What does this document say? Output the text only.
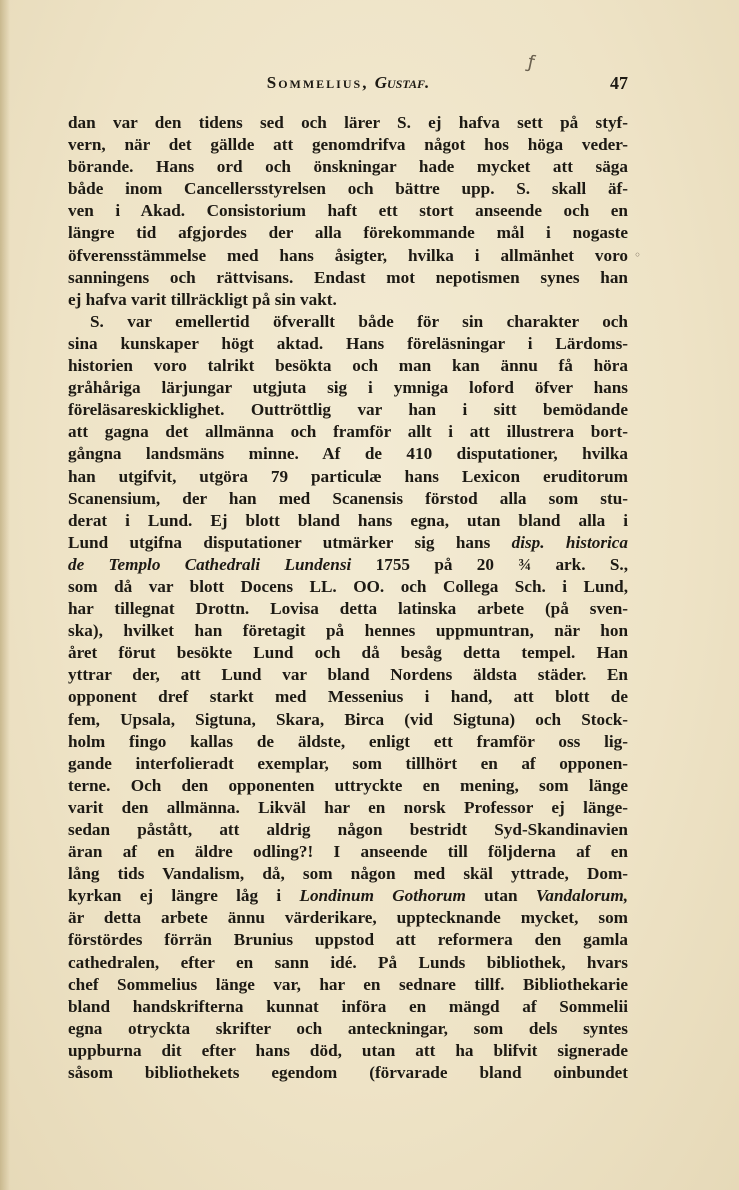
Sommelius, Gustaf.	47
dan var den tidens sed och lärer S. ej hafva sett på styf-
vern, när det gällde att genomdrifva något hos höga veder-
börande. Hans ord och önskningar hade mycket att säga
både inom Cancellersstyrelsen och bättre upp. S. skall äf-
ven i Akad. Consistorium haft ett stort anseende och en
längre tid afgjordes der alla förekommande mål i nogaste
öfverensstämmelse med hans åsigter, hvilka i allmänhet voro
sanningens och rättvisans. Endast mot nepotismen synes han
ej hafva varit tillräckligt på sin vakt.
S. var emellertid öfverallt både för sin charakter och
sina kunskaper högt aktad. Hans föreläsningar i Lärdoms-
historien voro talrikt besökta och man kan ännu få höra
gråhåriga lärjungar utgjuta sig i ymniga loford öfver hans
föreläsareskicklighet. Outtröttlig var han i sitt bemödande
att gagna det allmänna och framför allt i att illustrera bort-
gångna landsmäns minne. Af de 410 disputationer, hvilka
han utgifvit, utgöra 79 particulæ hans Lexicon eruditorum
Scanensium, der han med Scanensis förstod alla som stu-
derat i Lund. Ej blott bland hans egna, utan bland alla i
Lund utgifna disputationer utmärker sig hans disp. historica
de Templo Cathedrali Lundensi 1755 på 20 ¾ ark. S.,
som då var blott Docens LL. OO. och Collega Sch. i Lund,
har tillegnat Drottn. Lovisa detta latinska arbete (på sven-
ska), hvilket han företagit på hennes uppmuntran, när hon
året förut besökte Lund och då besåg detta tempel. Han
yttrar der, att Lund var bland Nordens äldsta städer. En
opponent dref starkt med Messenius i hand, att blott de
fem, Upsala, Sigtuna, Skara, Birca (vid Sigtuna) och Stock-
holm fingo kallas de äldste, enligt ett framför oss lig-
gande interfolieradt exemplar, som tillhört en af opponen-
terne. Och den opponenten uttryckte en mening, som länge
varit den allmänna. Likväl har en norsk Professor ej länge-
sedan påstått, att aldrig någon bestridt Syd-Skandinavien
äran af en äldre odling?! I anseende till följderna af en
lång tids Vandalism, då, som någon med skäl yttrade, Dom-
kyrkan ej längre låg i Londinum Gothorum utan Vandalorum,
är detta arbete ännu värderikare, upptecknande mycket, som
förstördes förrän Brunius uppstod att reformera den gamla
cathedralen, efter en sann idé. På Lunds bibliothek, hvars
chef Sommelius länge var, har en sednare tillf. Bibliothekarie
bland handskrifterna kunnat införa en mängd af Sommelii
egna otryckta skrifter och anteckningar, som dels syntes
uppburna dit efter hans död, utan att ha blifvit signerade
såsom bibliothekets egendom (förvarade bland oinbundet
ƒ
◦
